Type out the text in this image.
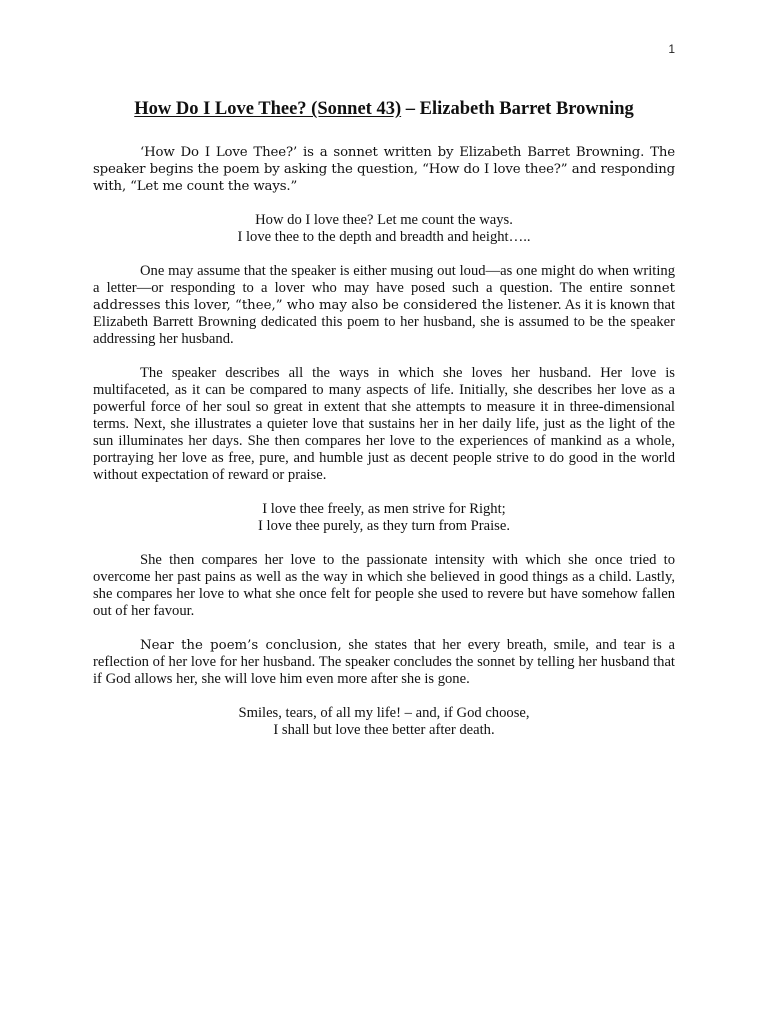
1
How Do I Love Thee? (Sonnet 43) – Elizabeth Barret Browning

‘How Do I Love Thee?’ is a sonnet written by Elizabeth Barret Browning. The speaker begins the poem by asking the question, “How do I love thee?” and responding with, “Let me count the ways.”

How do I love thee? Let me count the ways.
I love thee to the depth and breadth and height…..

One may assume that the speaker is either musing out loud—as one might do when writing a letter—or responding to a lover who may have posed such a question. The entire sonnet addresses this lover, “thee,” who may also be considered the listener. As it is known that Elizabeth Barrett Browning dedicated this poem to her husband, she is assumed to be the speaker addressing her husband.

The speaker describes all the ways in which she loves her husband. Her love is multifaceted, as it can be compared to many aspects of life. Initially, she describes her love as a powerful force of her soul so great in extent that she attempts to measure it in three-dimensional terms. Next, she illustrates a quieter love that sustains her in her daily life, just as the light of the sun illuminates her days. She then compares her love to the experiences of mankind as a whole, portraying her love as free, pure, and humble just as decent people strive to do good in the world without expectation of reward or praise.

I love thee freely, as men strive for Right;
I love thee purely, as they turn from Praise.

She then compares her love to the passionate intensity with which she once tried to overcome her past pains as well as the way in which she believed in good things as a child. Lastly, she compares her love to what she once felt for people she used to revere but have somehow fallen out of her favour.

Near the poem’s conclusion, she states that her every breath, smile, and tear is a reflection of her love for her husband. The speaker concludes the sonnet by telling her husband that if God allows her, she will love him even more after she is gone.

Smiles, tears, of all my life! – and, if God choose,
I shall but love thee better after death.
